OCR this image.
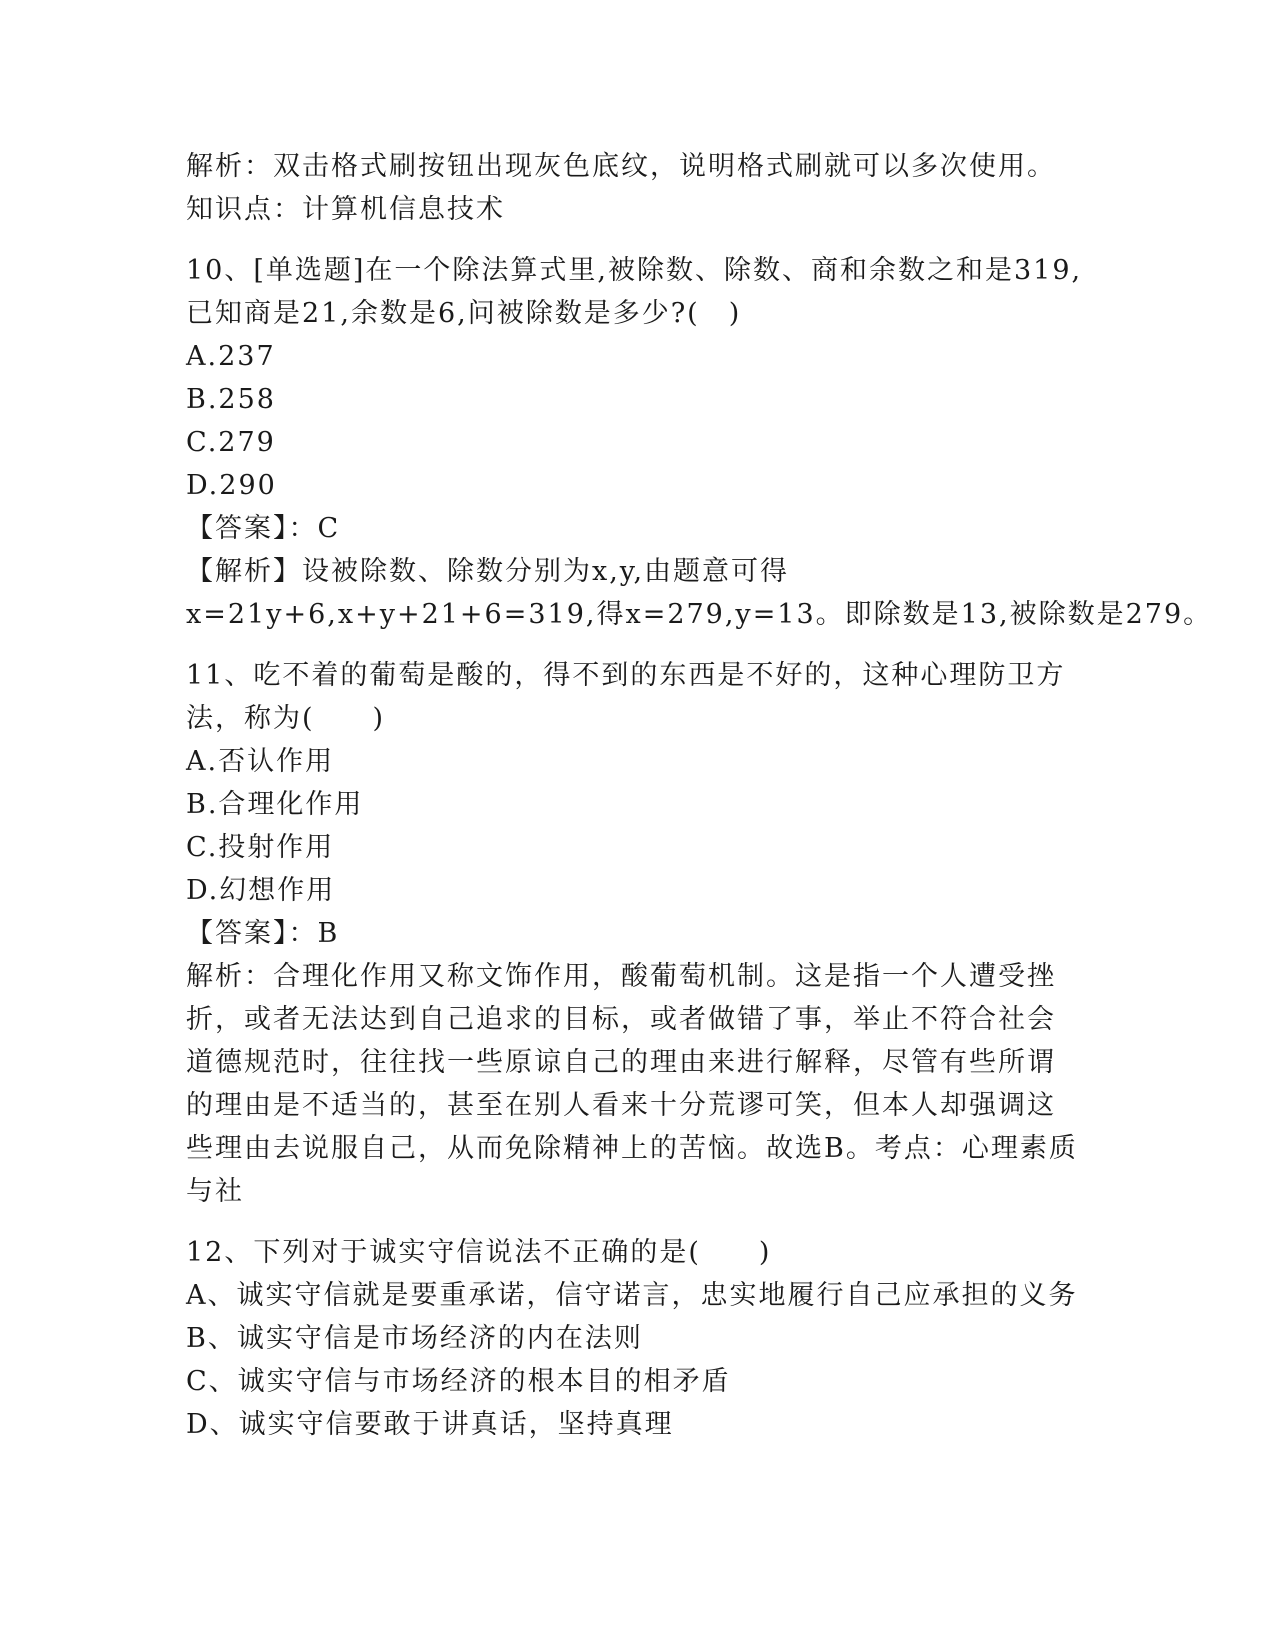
解析：双击格式刷按钮出现灰色底纹，说明格式刷就可以多次使用。
知识点：计算机信息技术
10、[单选题]在一个除法算式里,被除数、除数、商和余数之和是319,
已知商是21,余数是6,问被除数是多少?(　)
A.237
B.258
C.279
D.290
【答案】：C
【解析】设被除数、除数分别为x,y,由题意可得
x=21y+6,x+y+21+6=319,得x=279,y=13。即除数是13,被除数是279。
11、吃不着的葡萄是酸的，得不到的东西是不好的，这种心理防卫方
法，称为(　　)
A.否认作用
B.合理化作用
C.投射作用
D.幻想作用
【答案】：B
解析：合理化作用又称文饰作用，酸葡萄机制。这是指一个人遭受挫
折，或者无法达到自己追求的目标，或者做错了事，举止不符合社会
道德规范时，往往找一些原谅自己的理由来进行解释，尽管有些所谓
的理由是不适当的，甚至在别人看来十分荒谬可笑，但本人却强调这
些理由去说服自己，从而免除精神上的苦恼。故选B。考点：心理素质
与社
12、下列对于诚实守信说法不正确的是(　　)
A、诚实守信就是要重承诺，信守诺言，忠实地履行自己应承担的义务
B、诚实守信是市场经济的内在法则
C、诚实守信与市场经济的根本目的相矛盾
D、诚实守信要敢于讲真话，坚持真理
